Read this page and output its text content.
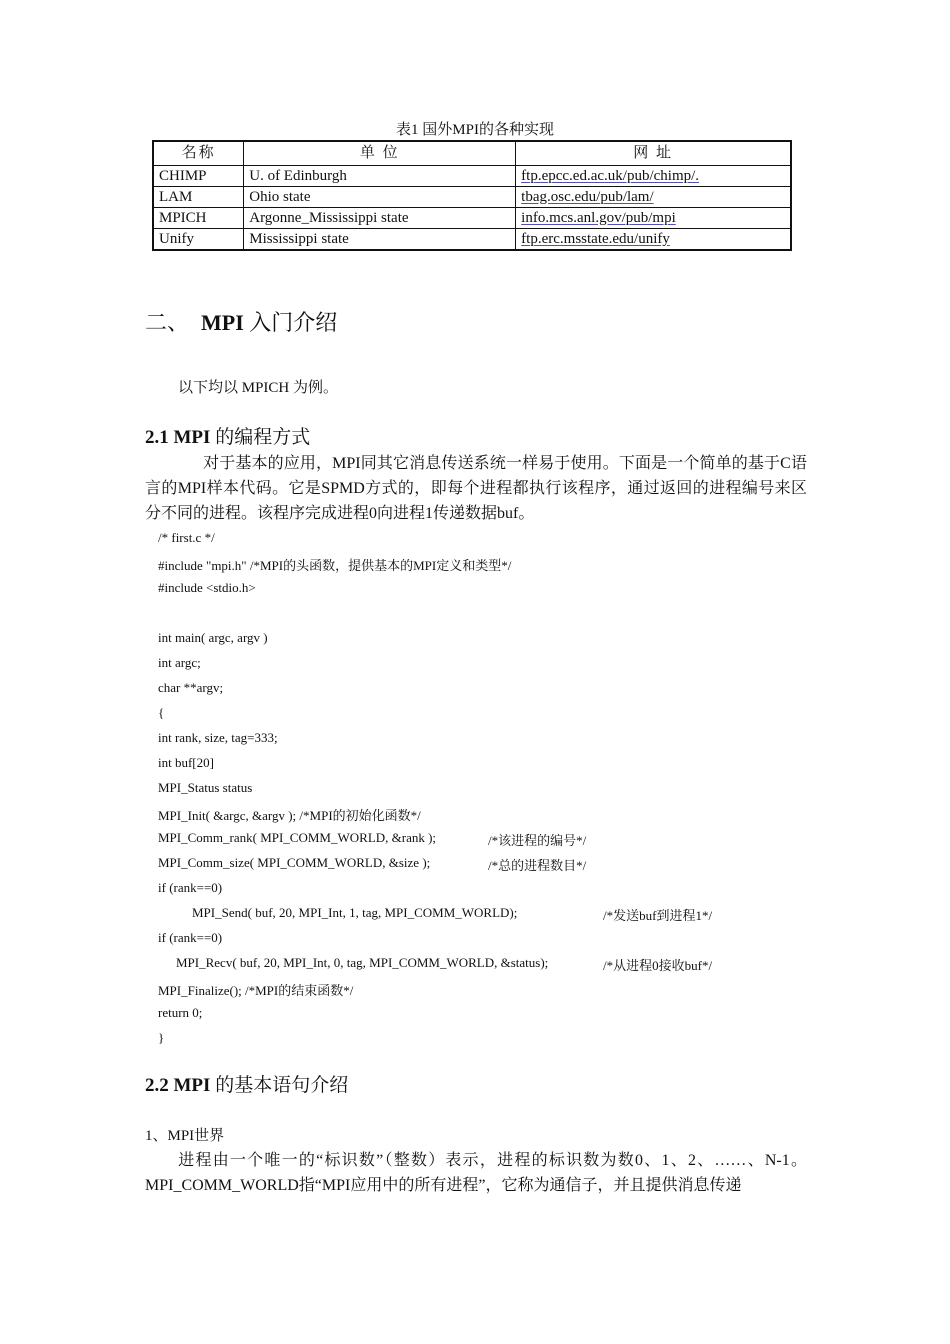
表1 国外MPI的各种实现
名称	单 位	网 址
CHIMP	U. of Edinburgh	ftp.epcc.ed.ac.uk/pub/chimp/.
LAM	Ohio state	tbag.osc.edu/pub/lam/
MPICH	Argonne_Mississippi state	info.mcs.anl.gov/pub/mpi
Unify	Mississippi state	ftp.erc.msstate.edu/unify
二、 MPI 入门介绍
以下均以 MPICH 为例。
2.1 MPI 的编程方式
对于基本的应用，MPI同其它消息传送系统一样易于使用。下面是一个简单的基于C语言的MPI样本代码。它是SPMD方式的，即每个进程都执行该程序，通过返回的进程编号来区分不同的进程。该程序完成进程0向进程1传递数据buf。
/* first.c */
#include "mpi.h" /*MPI的头函数，提供基本的MPI定义和类型*/
#include <stdio.h>
int main( argc, argv )
int argc;
char **argv;
{
int rank, size, tag=333;
int buf[20]
MPI_Status status
MPI_Init( &argc, &argv ); /*MPI的初始化函数*/
MPI_Comm_rank( MPI_COMM_WORLD, &rank );	/*该进程的编号*/
MPI_Comm_size( MPI_COMM_WORLD, &size );	/*总的进程数目*/
if (rank==0)
MPI_Send( buf, 20, MPI_Int, 1, tag, MPI_COMM_WORLD);	/*发送buf到进程1*/
if (rank==0)
MPI_Recv( buf, 20, MPI_Int, 0, tag, MPI_COMM_WORLD, &status);	/*从进程0接收buf*/
MPI_Finalize(); /*MPI的结束函数*/
return 0;
}
2.2 MPI 的基本语句介绍
1、MPI世界
进程由一个唯一的“标识数”（整数）表示，进程的标识数为数0、1、2、……、N-1。MPI_COMM_WORLD指“MPI应用中的所有进程”，它称为通信子，并且提供消息传递
